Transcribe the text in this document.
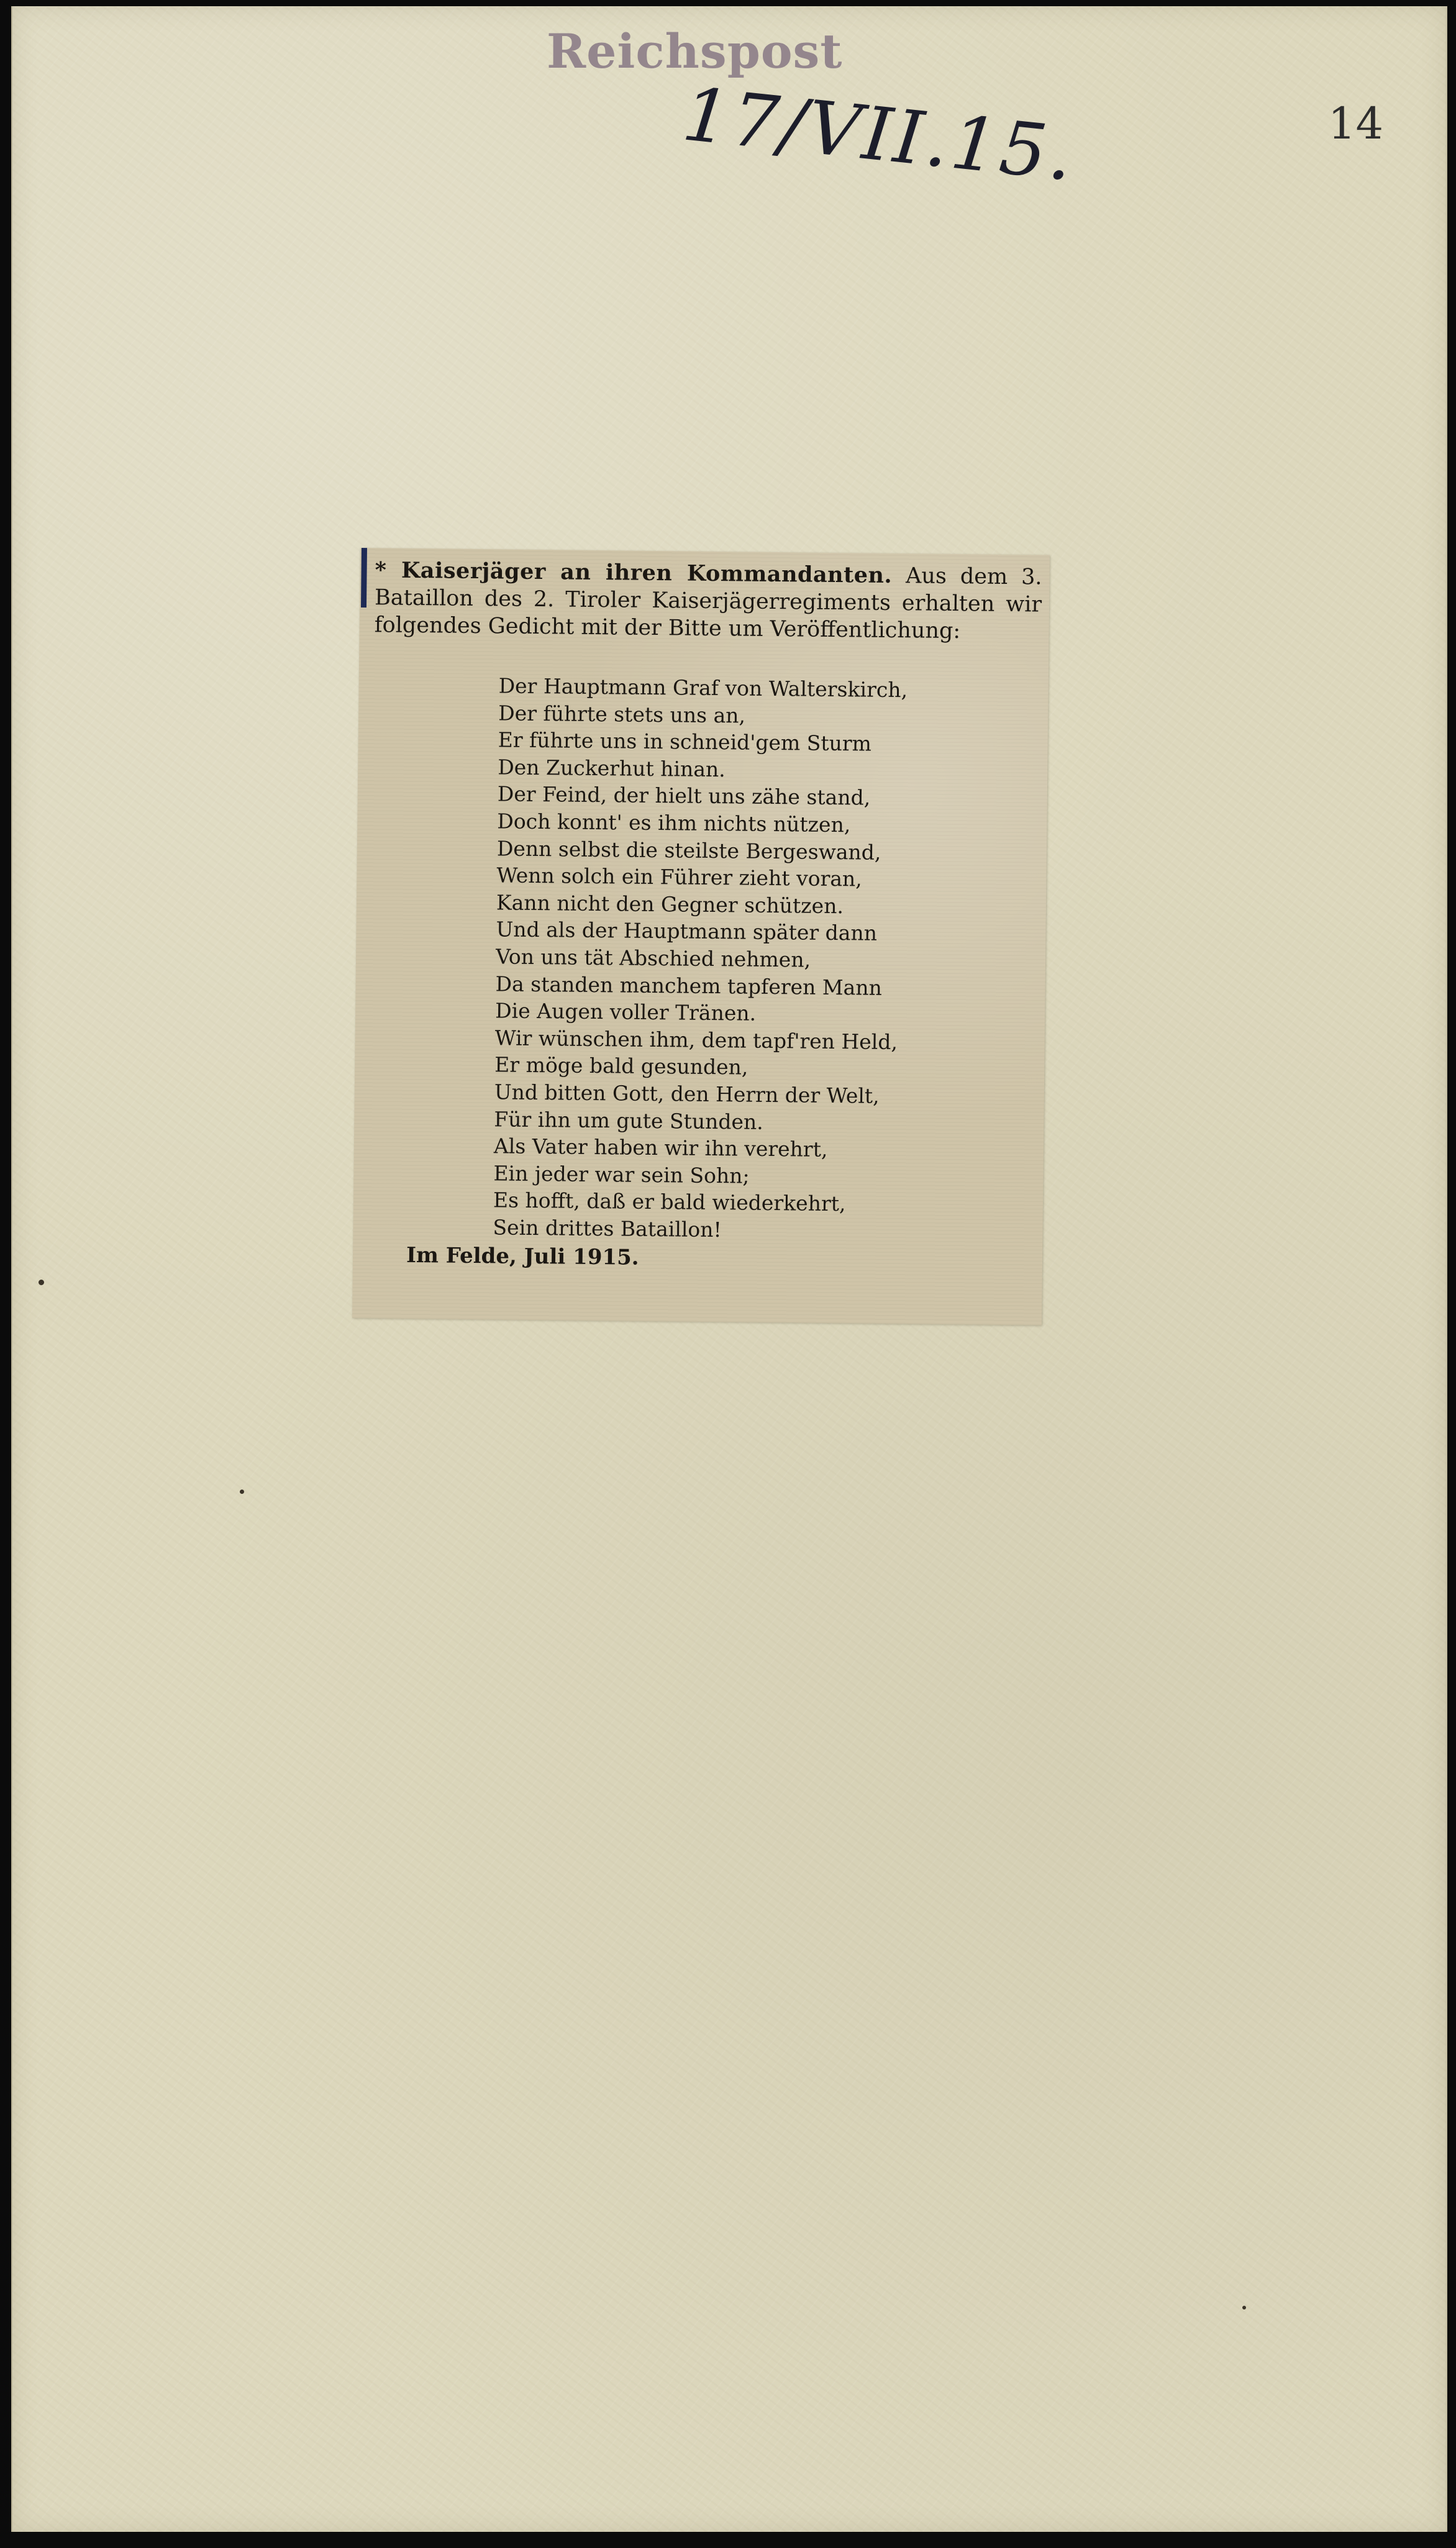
Reichspost
17/VII.15.	14
* Kaiserjäger an ihren Kommandanten. Aus dem 3. Bataillon des 2. Tiroler Kaiserjägerregiments erhalten wir folgendes Gedicht mit der Bitte um Veröffentlichung:
Der Hauptmann Graf von Walterskirch,
Der führte stets uns an,
Er führte uns in schneid'gem Sturm
Den Zuckerhut hinan.
Der Feind, der hielt uns zähe stand,
Doch konnt' es ihm nichts nützen,
Denn selbst die steilste Bergeswand,
Wenn solch ein Führer zieht voran,
Kann nicht den Gegner schützen.
Und als der Hauptmann später dann
Von uns tät Abschied nehmen,
Da standen manchem tapferen Mann
Die Augen voller Tränen.
Wir wünschen ihm, dem tapf'ren Held,
Er möge bald gesunden,
Und bitten Gott, den Herrn der Welt,
Für ihn um gute Stunden.
Als Vater haben wir ihn verehrt,
Ein jeder war sein Sohn;
Es hofft, daß er bald wiederkehrt,
Sein drittes Bataillon!
Im Felde, Juli 1915.
